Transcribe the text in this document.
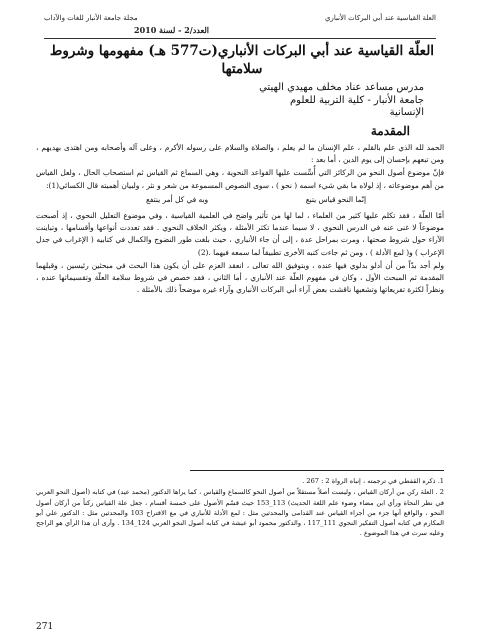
العلة القياسية عند أبي البركات الأنباري
مجلة جامعة الأنبار للغات والآداب
العدد/2 - لسنة 2010
العلّة القياسية عند أبي البركات الأنباري(ت577 هـ) مفهومها وشروط سلامتها
مدرس مساعد عناد مخلف مهيدي الهيتي
جامعة الأنبار - كلية التربية للعلوم
الإنسانية
المقدمة

الحمد لله الذي علم بالقلم ، علم الإنسان ما لم يعلم ، والصلاة والسلام على رسوله الأكرم ، وعلى آله وأصحابه ومن اهتدى بهديهم ، ومن تبعهم بإحسان إلى يوم الدين ، أما بعد :

فإنّ موضوع أصول النحو من الركائز التي أُسِّست عليها القواعد النحوية ، وهي السماع ثم القياس ثم استصحاب الحال ، ولعل القياس من أهم موضوعاته ، إذ لولاه ما بقي شيء اسمه ( نحو ) ، سوى النصوص المسموعة من شعر و نثر ، ولبيان أهميته قال الكسائي(1):

إنّما النحو قياس يتبع
وبه في كل أمر ينتفع

أمّا العلّة ، فقد تكلم عليها كثير من العلماء ، لما لها من تأثير واضح في العلمية القياسية ، وفي موضوع التعليل النحوي ، إذ أصبحت موضوعاً لا غنى عنه في الدرس النحوي ، لا سيما عندما تكثر الأمثلة ، ويكثر الخلاف النحوي . فقد تعددت أنواعها وأقسامها ، وتباينت الآراء حول شروط صحتها ، ومرت بمراحل عدة ، إلى أن جاء الأنباري ، حيث بلغت طور النضوج والكمال في كتابيه ( الإغراب في جدل الإعراب ) و( لمع الأدلة ) ، ومن ثم جاءت كتبه الأخرى تطبيقاً لما سمعه فيهما .(2)

ولم أجد بدّاً من أن أدلو بدلوي فيها عنده ، وبتوفيق الله تعالى ، انعقد العزم على أن يكون هذا البحث في مبحثين رئيسين ، وقبلهما المقدمة ثم المبحث الأول ، وكان في مفهوم العلّة عند الأنباري ، أما الثاني ، فقد خصص في شروط سلامة العلّة وتقسيماتها عنده ، ونظراً لكثرة تفريعاتها وتشعبها ناقشت بعض آراء أبي البركات الأنباري وآراء غيره موضحاً ذلك بالأمثلة .

1. ذكره القفطي في ترجمته ، إنباه الرواة 2 : 267 .
2 . العلة ركن من أركان القياس ، وليست أصلاً مستقلاً من أصول النحو كالسماع والقياس ، كما يراها الدكتور (محمد عيد) في كتابه (أصول النحو العربي في نظر النحاة ورأي ابن مضاء وضوء علم اللغة الحديث) 113_153 حيث قسّم الأصول على خمسة أقسام ، جعل علة القياس ركناً من أركان أصول النحو ، والواقع أنها جزء من أجزاء القياس عند القدامى والمحدثين مثل : لمع الأدلة للأنباري في مع الاقتراح 103 والمحدثين مثل : الدكتور علي أبو المكارم في كتابه أصول التفكير النحوي 111_117 ، والدكتور محمود أبو عيشة في كتابه أصول النحو العربي 124_134 . وأرى أن هذا الرأي هو الراجح وعليه سرت في هذا الموضوع .
271
